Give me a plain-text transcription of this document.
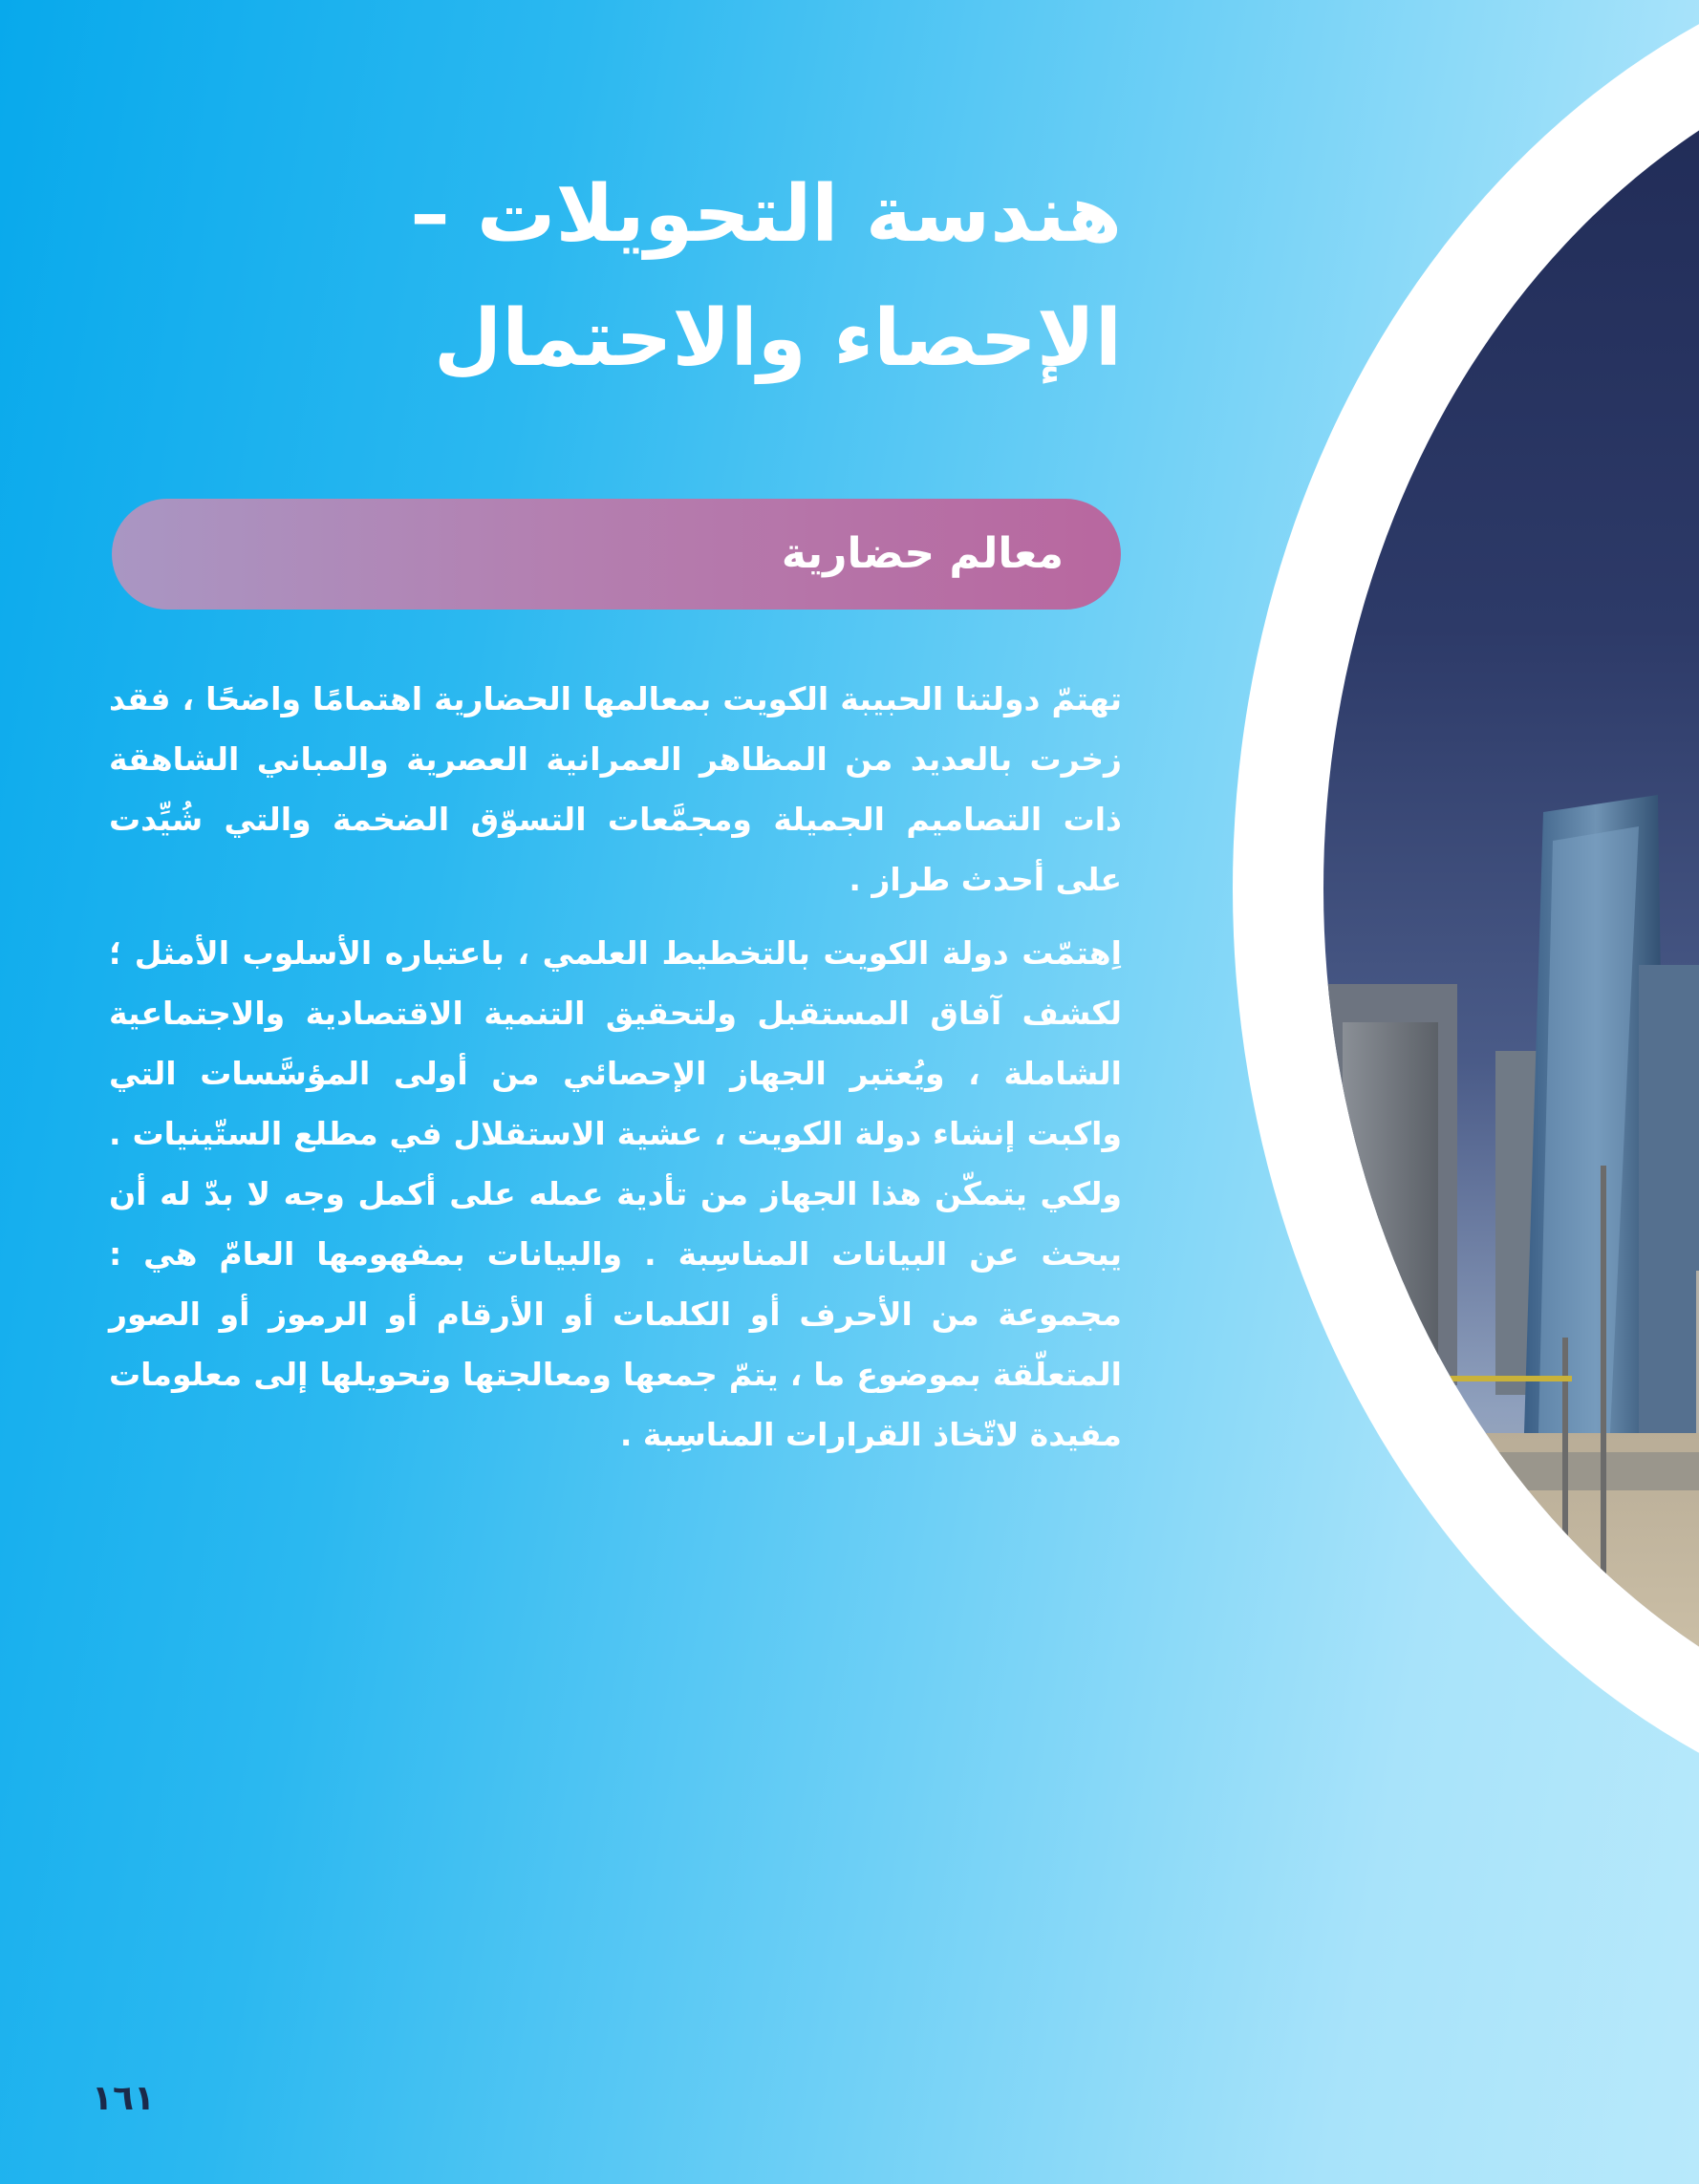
هندسة التحويلات –
الإحصاء والاحتمال
معالم حضارية

تهتمّ دولتنا الحبيبة الكويت بمعالمها الحضارية اهتمامًا واضحًا ، فقد زخرت بالعديد من المظاهر العمرانية العصرية والمباني الشاهقة ذات التصاميم الجميلة ومجمَّعات التسوّق الضخمة والتي شُيِّدت على أحدث طراز .

اِهتمّت دولة الكويت بالتخطيط العلمي ، باعتباره الأسلوب الأمثل ؛ لكشف آفاق المستقبل ولتحقيق التنمية الاقتصادية والاجتماعية الشاملة ، ويُعتبر الجهاز الإحصائي من أولى المؤسَّسات التي واكبت إنشاء دولة الكويت ، عشية الاستقلال في مطلع الستّينيات . ولكي يتمكّن هذا الجهاز من تأدية عمله على أكمل وجه لا بدّ له أن يبحث عن البيانات المناسِبة . والبيانات بمفهومها العامّ هي : مجموعة من الأحرف أو الكلمات أو الأرقام أو الرموز أو الصور المتعلّقة بموضوع ما ، يتمّ جمعها ومعالجتها وتحويلها إلى معلومات مفيدة لاتّخاذ القرارات المناسِبة .

١٦١
